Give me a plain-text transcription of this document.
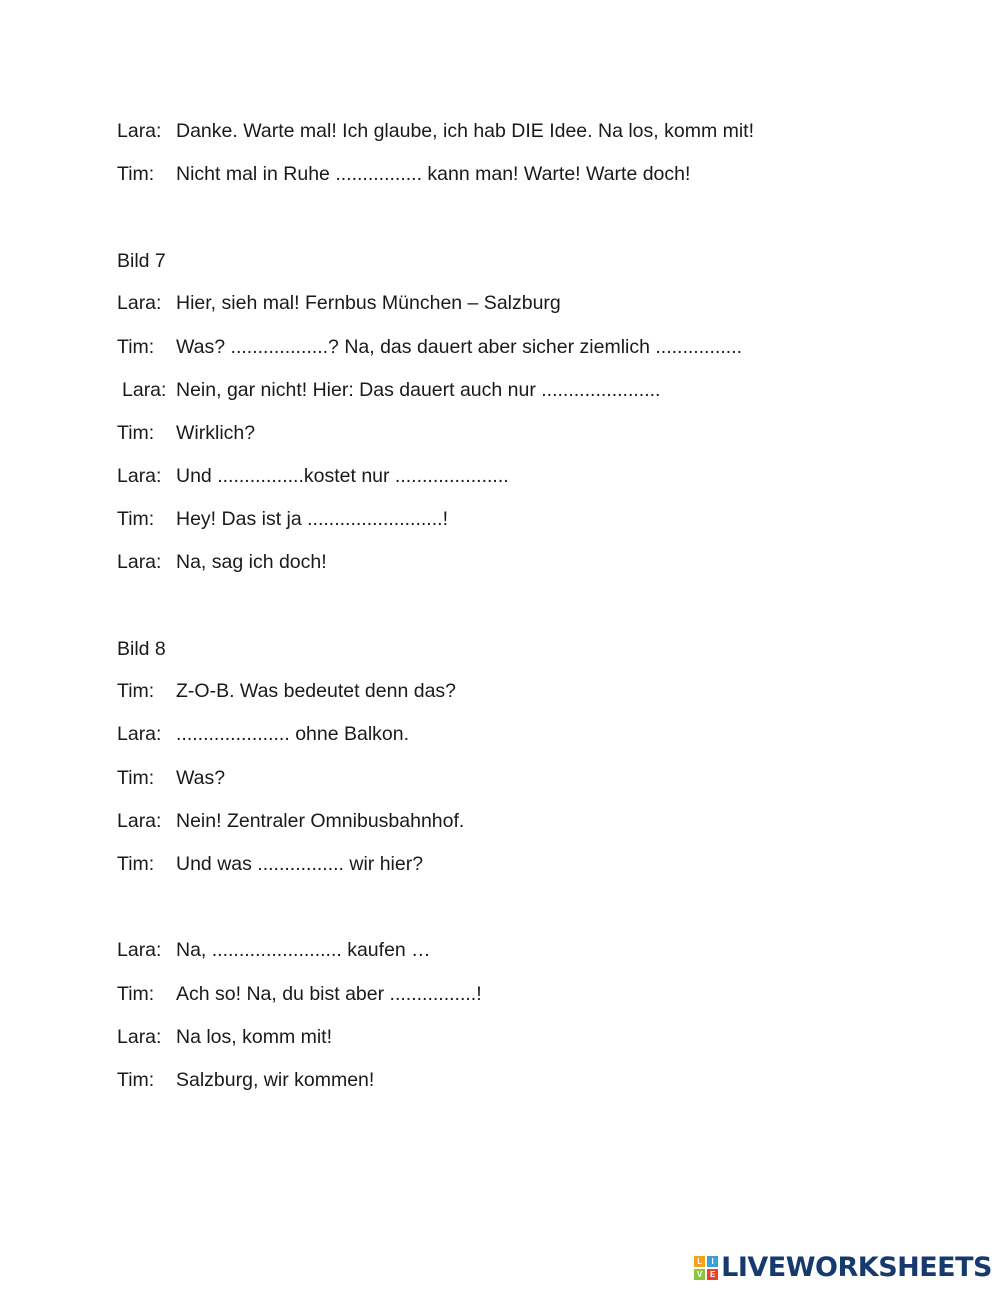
Lara: Danke. Warte mal! Ich glaube, ich hab DIE Idee. Na los, komm mit!
Tim: Nicht mal in Ruhe ................ kann man! Warte! Warte doch!
Bild 7
Lara: Hier, sieh mal! Fernbus München – Salzburg
Tim: Was? ..................? Na, das dauert aber sicher ziemlich ................
Lara: Nein, gar nicht! Hier: Das dauert auch nur ......................
Tim: Wirklich?
Lara: Und ................kostet nur .....................
Tim: Hey! Das ist ja .........................!
Lara: Na, sag ich doch!
Bild 8
Tim: Z-O-B. Was bedeutet denn das?
Lara: ..................... ohne Balkon.
Tim: Was?
Lara: Nein! Zentraler Omnibusbahnhof.
Tim: Und was ................ wir hier?
Lara: Na, ........................ kaufen …
Tim: Ach so! Na, du bist aber ................!
Lara: Na los, komm mit!
Tim: Salzburg, wir kommen!
L	I
V E LIVEWORKSHEETS
